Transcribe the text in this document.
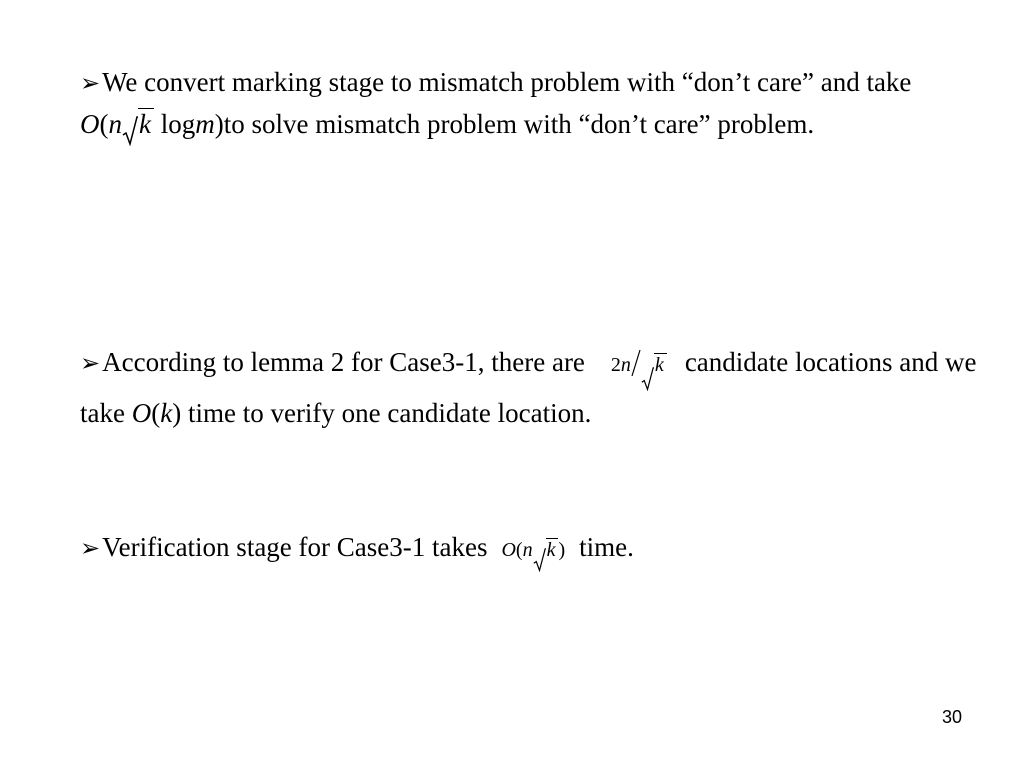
➢We convert marking stage to mismatch problem with “don’t care” and take O(n k logm)to solve mismatch problem with “don’t care” problem.

➢According to lemma 2 for Case3-1, there are 2n k candidate locations and we take O(k) time to verify one candidate location.

➢Verification stage for Case3-1 takes O(n k ) time.

30
